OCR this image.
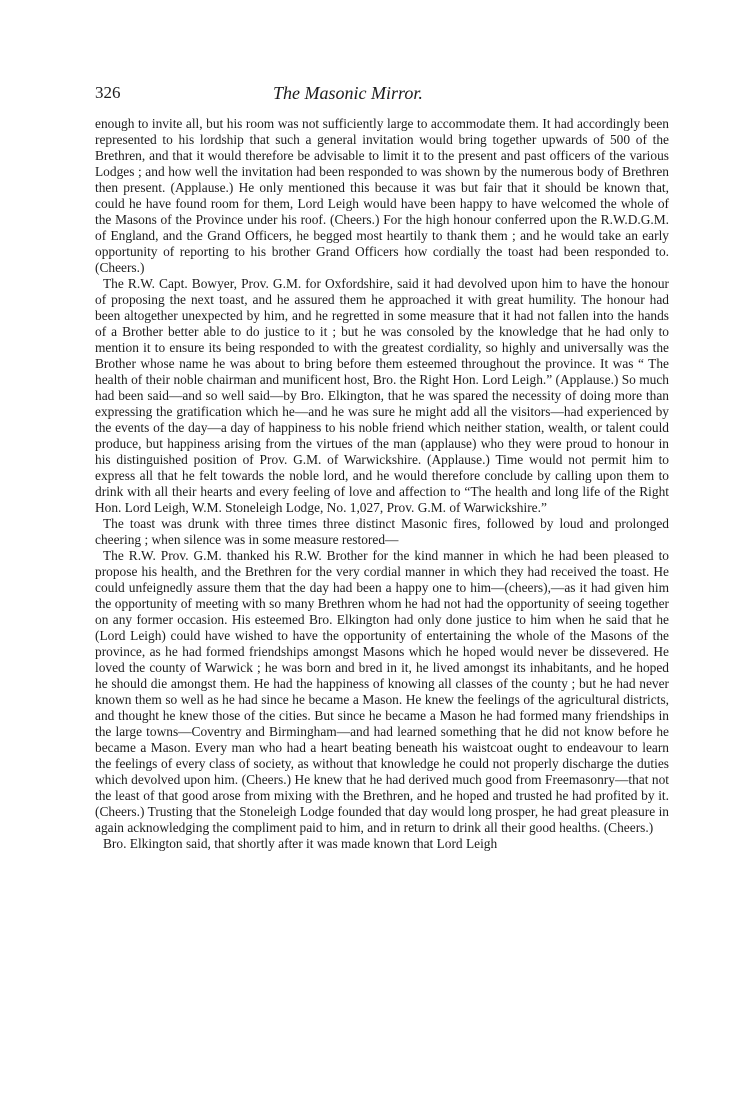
326	The Masonic Mirror.

enough to invite all, but his room was not sufficiently large to accommodate them. It had accordingly been represented to his lordship that such a general invitation would bring together upwards of 500 of the Brethren, and that it would therefore be advisable to limit it to the present and past officers of the various Lodges ; and how well the invitation had been responded to was shown by the numerous body of Brethren then present. (Applause.) He only mentioned this because it was but fair that it should be known that, could he have found room for them, Lord Leigh would have been happy to have welcomed the whole of the Masons of the Province under his roof. (Cheers.) For the high honour conferred upon the R.W.D.G.M. of England, and the Grand Officers, he begged most heartily to thank them ; and he would take an early opportunity of reporting to his brother Grand Officers how cordially the toast had been responded to. (Cheers.)

The R.W. Capt. Bowyer, Prov. G.M. for Oxfordshire, said it had devolved upon him to have the honour of proposing the next toast, and he assured them he approached it with great humility. The honour had been altogether unexpected by him, and he regretted in some measure that it had not fallen into the hands of a Brother better able to do justice to it ; but he was consoled by the knowledge that he had only to mention it to ensure its being responded to with the greatest cordiality, so highly and universally was the Brother whose name he was about to bring before them esteemed throughout the province. It was “ The health of their noble chairman and munificent host, Bro. the Right Hon. Lord Leigh.” (Applause.) So much had been said—and so well said—by Bro. Elkington, that he was spared the necessity of doing more than expressing the gratification which he—and he was sure he might add all the visitors—had experienced by the events of the day—a day of happiness to his noble friend which neither station, wealth, or talent could produce, but happiness arising from the virtues of the man (applause) who they were proud to honour in his distinguished position of Prov. G.M. of Warwickshire. (Applause.) Time would not permit him to express all that he felt towards the noble lord, and he would therefore conclude by calling upon them to drink with all their hearts and every feeling of love and affection to “The health and long life of the Right Hon. Lord Leigh, W.M. Stoneleigh Lodge, No. 1,027, Prov. G.M. of Warwickshire.”

The toast was drunk with three times three distinct Masonic fires, followed by loud and prolonged cheering ; when silence was in some measure restored—

The R.W. Prov. G.M. thanked his R.W. Brother for the kind manner in which he had been pleased to propose his health, and the Brethren for the very cordial manner in which they had received the toast. He could unfeignedly assure them that the day had been a happy one to him—(cheers),—as it had given him the opportunity of meeting with so many Brethren whom he had not had the opportunity of seeing together on any former occasion. His esteemed Bro. Elkington had only done justice to him when he said that he (Lord Leigh) could have wished to have the opportunity of entertaining the whole of the Masons of the province, as he had formed friendships amongst Masons which he hoped would never be dissevered. He loved the county of Warwick ; he was born and bred in it, he lived amongst its inhabitants, and he hoped he should die amongst them. He had the happiness of knowing all classes of the county ; but he had never known them so well as he had since he became a Mason. He knew the feelings of the agricultural districts, and thought he knew those of the cities. But since he became a Mason he had formed many friendships in the large towns—Coventry and Birmingham—and had learned something that he did not know before he became a Mason. Every man who had a heart beating beneath his waistcoat ought to endeavour to learn the feelings of every class of society, as without that knowledge he could not properly discharge the duties which devolved upon him. (Cheers.) He knew that he had derived much good from Freemasonry—that not the least of that good arose from mixing with the Brethren, and he hoped and trusted he had profited by it. (Cheers.) Trusting that the Stoneleigh Lodge founded that day would long prosper, he had great pleasure in again acknowledging the compliment paid to him, and in return to drink all their good healths. (Cheers.)

Bro. Elkington said, that shortly after it was made known that Lord Leigh
